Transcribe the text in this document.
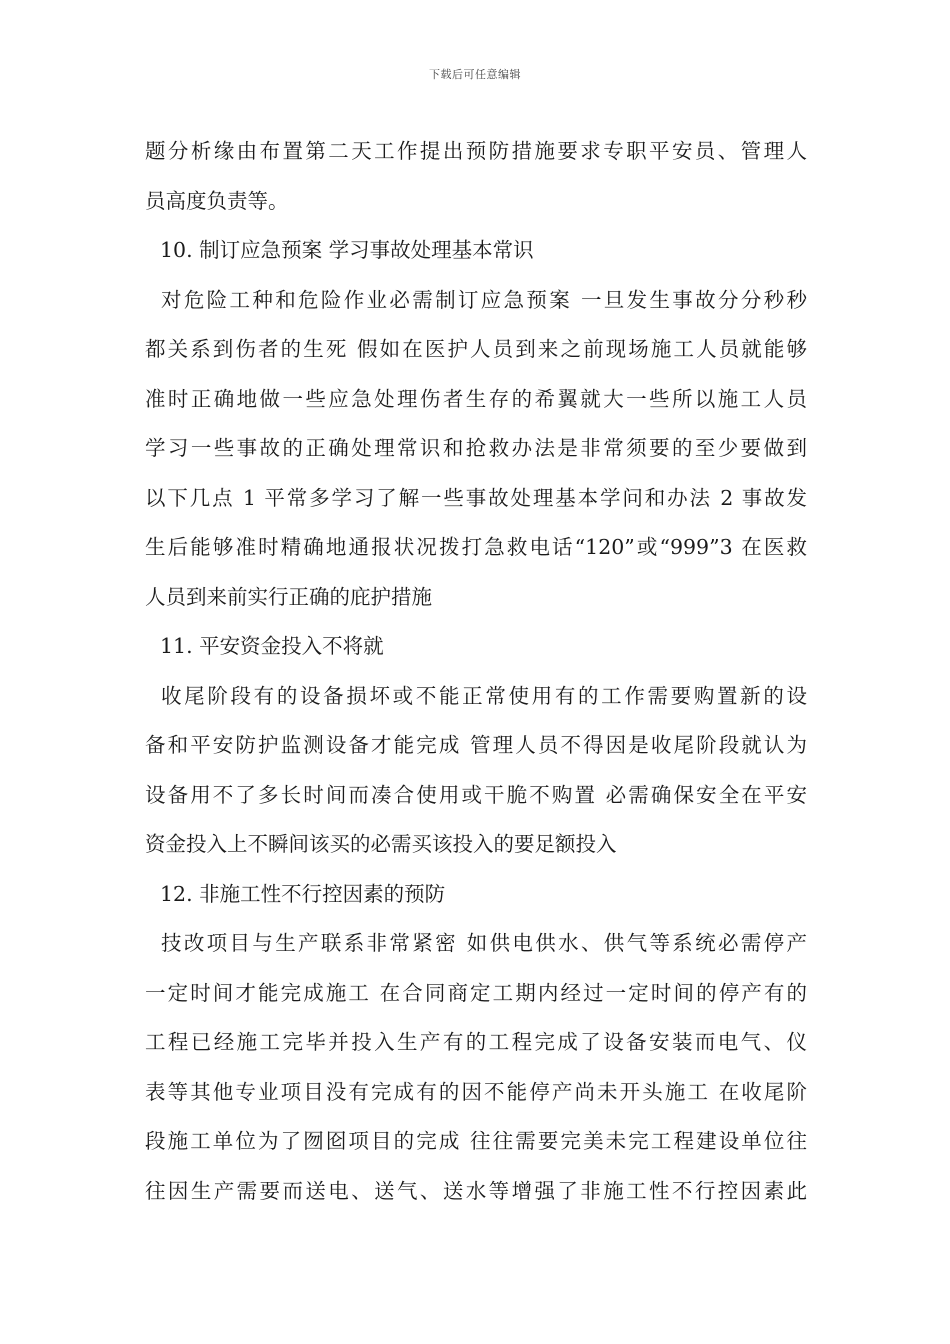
下载后可任意编辑
题分析缘由布置第二天工作提出预防措施要求专职平安员、管理人
员高度负责等。
10. 制订应急预案 学习事故处理基本常识
对危险工种和危险作业必需制订应急预案 一旦发生事故分分秒秒
都关系到伤者的生死 假如在医护人员到来之前现场施工人员就能够
准时正确地做一些应急处理伤者生存的希翼就大一些所以施工人员
学习一些事故的正确处理常识和抢救办法是非常须要的至少要做到
以下几点 1 平常多学习了解一些事故处理基本学问和办法 2 事故发
生后能够准时精确地通报状况拨打急救电话“120”或“999”3 在医救
人员到来前实行正确的庇护措施
11. 平安资金投入不将就
收尾阶段有的设备损坏或不能正常使用有的工作需要购置新的设
备和平安防护监测设备才能完成 管理人员不得因是收尾阶段就认为
设备用不了多长时间而凑合使用或干脆不购置 必需确保安全在平安
资金投入上不瞬间该买的必需买该投入的要足额投入
12. 非施工性不行控因素的预防
技改项目与生产联系非常紧密 如供电供水、供气等系统必需停产
一定时间才能完成施工 在合同商定工期内经过一定时间的停产有的
工程已经施工完毕并投入生产有的工程完成了设备安装而电气、仪
表等其他专业项目没有完成有的因不能停产尚未开头施工 在收尾阶
段施工单位为了囫囵项目的完成 往往需要完美未完工程建设单位往
往因生产需要而送电、送气、送水等增强了非施工性不行控因素此
